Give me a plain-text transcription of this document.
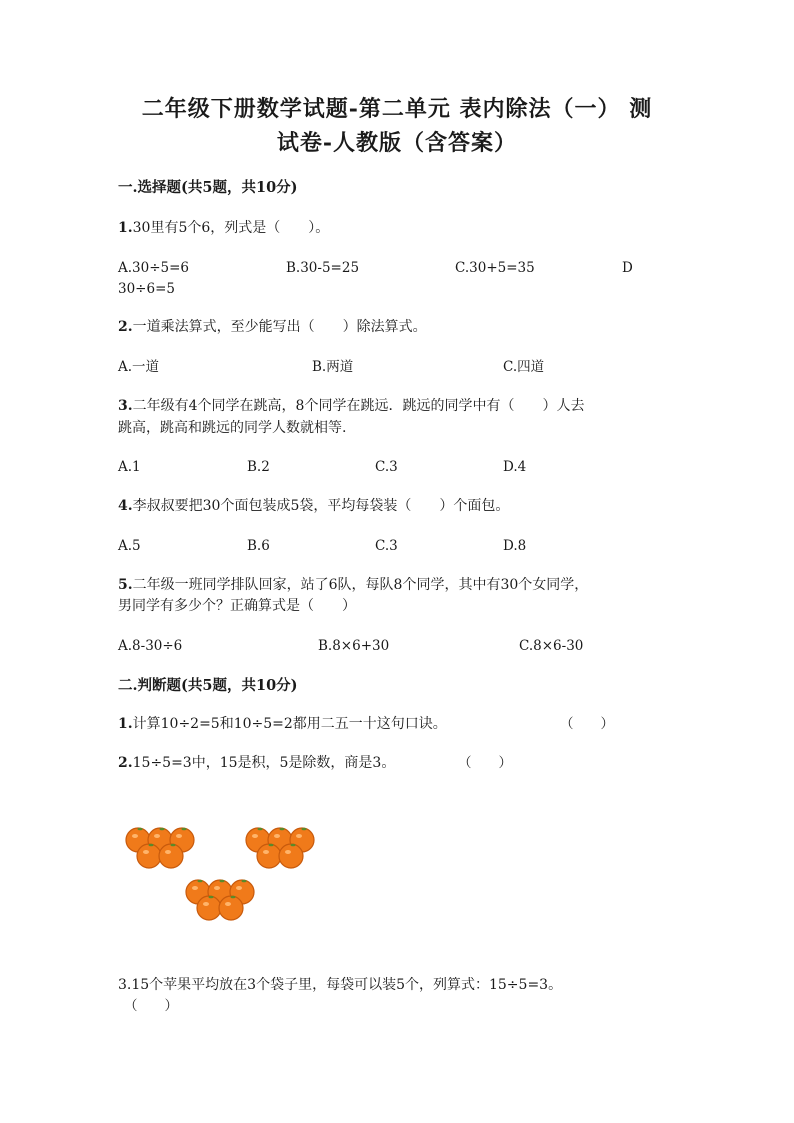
二年级下册数学试题-第二单元 表内除法（一） 测
试卷-人教版（含答案）
一.选择题(共5题，共10分)
1.30里有5个6，列式是（　　）。
A.30÷5=6	B.30-5=25	C.30+5=35	D
30÷6=5
2.一道乘法算式，至少能写出（　　）除法算式。
A.一道	B.两道	C.四道
3.二年级有4个同学在跳高，8个同学在跳远．跳远的同学中有（　　）人去
跳高，跳高和跳远的同学人数就相等.
A.1	B.2	C.3	D.4
4.李叔叔要把30个面包装成5袋，平均每袋装（　　）个面包。
A.5	B.6	C.3	D.8
5.二年级一班同学排队回家，站了6队，每队8个同学，其中有30个女同学，
男同学有多少个？正确算式是（　　）
A.8-30÷6	B.8×6+30	C.8×6-30
二.判断题(共5题，共10分)
1.计算10÷2=5和10÷5=2都用二五一十这句口诀。	（　　）
2.15÷5=3中，15是积，5是除数，商是3。	（　　）
3.15个苹果平均放在3个袋子里，每袋可以装5个，列算式：15÷5=3。
（　　）
